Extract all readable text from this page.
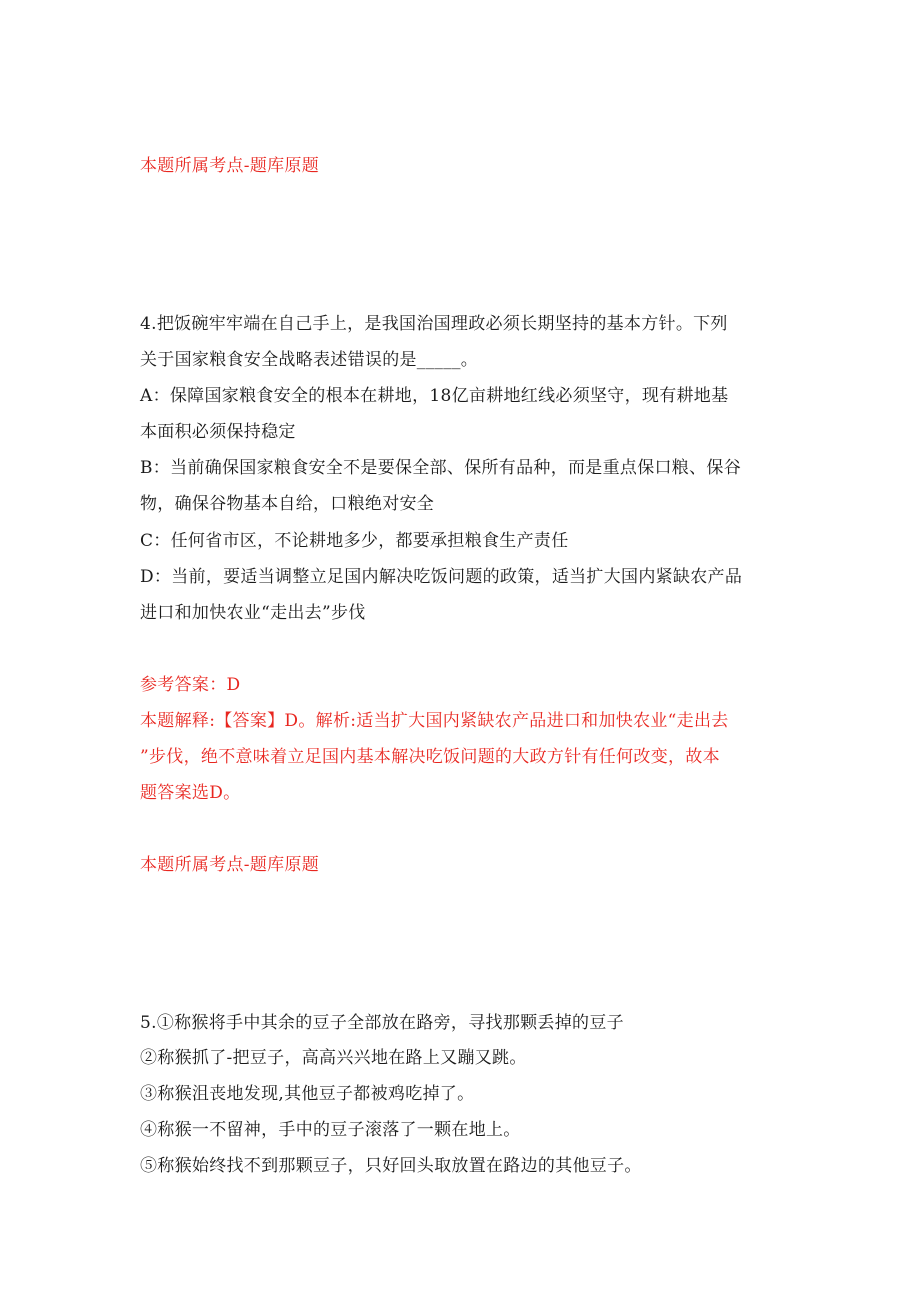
本题所属考点-题库原题
4.把饭碗牢牢端在自己手上，是我国治国理政必须长期坚持的基本方针。下列
关于国家粮食安全战略表述错误的是_____。
A：保障国家粮食安全的根本在耕地，18亿亩耕地红线必须坚守，现有耕地基
本面积必须保持稳定
B：当前确保国家粮食安全不是要保全部、保所有品种，而是重点保口粮、保谷
物，确保谷物基本自给，口粮绝对安全
C：任何省市区，不论耕地多少，都要承担粮食生产责任
D：当前，要适当调整立足国内解决吃饭问题的政策，适当扩大国内紧缺农产品
进口和加快农业“走出去”步伐
参考答案：D
本题解释:【答案】D。解析:适当扩大国内紧缺农产品进口和加快农业“走出去
”步伐，绝不意味着立足国内基本解决吃饭问题的大政方针有任何改变，故本
题答案选D。
本题所属考点-题库原题
5.①称猴将手中其余的豆子全部放在路旁，寻找那颗丢掉的豆子
②称猴抓了-把豆子，高高兴兴地在路上又蹦又跳。
③称猴沮丧地发现,其他豆子都被鸡吃掉了。
④称猴一不留神，手中的豆子滚落了一颗在地上。
⑤称猴始终找不到那颗豆子，只好回头取放置在路边的其他豆子。
